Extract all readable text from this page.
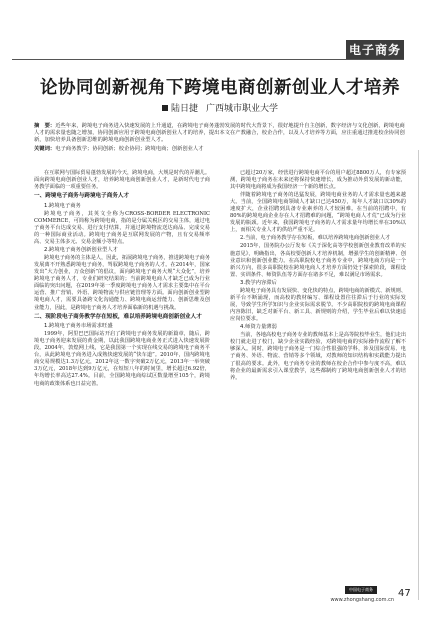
电子商务
论协同创新视角下跨境电商创新创业人才培养
陆日捷 广西城市职业大学
摘　要：近些年来，跨境电子商务进入快速发展的上升通道，在跨境电子商务蓬勃发展的时代大背景下，很好地提升自主创新，数字经济与文化创新，跨境电商人才的需求量也随之增加，协同创新应用于跨境电商创新创业人才的培养，提出本文在产教融合，校企合作，以及人才培养等方面，应注重通过推进校企协同创新，加快培养具备创新思维的跨境电商创新创业型人才。
关键词：电子商务教学；协同创新；校企协同；跨境电商；创新创业人才
在互联网与国际贸易蓬勃发展的今天，跨境电商，大规是时代的弄潮儿。面向跨境电商创新创业人才，培养跨境电商创新创业人才，是新时代电子商务教学面临的一项重要任务。
一、跨境电子商务与跨境电子商务人才
1.跨境电子商务
跨境电子商务，其英文全称为CROSS-BORDER ELECTRONIC COMMERCE，可简称为跨境电商，指的是分属关税区的交易主体，通过电子商务平台达成交易、进行支付结算，并通过跨境物流送达商品、完成交易的一种国际商业活动。跨境电子商务是互联网发展的产物，且有交易频率高、交易主体多元、交易金额小等特点。
2.跨境电子商务创新创业型人才
跨境电子商务的主体是人，因此，拓展跨境电子商务，推进跨境电子商务发展离不开熟悉跨境电子商务，驾驭跨境电子商务的人才。在2014年，国家发出“大力创业，万众创新”的倡议，面向跨境电子商务大规“大众化”，培养跨境电子商务人才，专业们研究结果的；当前跨境电商人才缺乏已成为行业面临的突出问题，在2019年第一季度跨境电子商务人才需求主要集中在平台运营、推广营销、外语、跨境物流与供应链管理等方面。面向创新创业型跨境电商人才，需要具备跨文化沟通能力、跨境电商运营能力、创新思维及创业能力，因此，是跨境电子商务人才培养面临新的机遇与挑战。
二、现阶段电子商务教学存在短板，难以培养跨境电商创新创业人才
1.跨境电子商务市场需求旺盛
1999年，阿里巴巴国际站开启了跨境电子商务发展的新篇章，随后，跨境电子商务迎来发展的黄金期，以此我国跨境电商业务正式进入快速发展阶段。2004年，敦煌网上线，它是我国第一个实现在线交易的跨境电子商务平台，从此跨境电子商务进入成熟快速发展的“快车道”。2010年，国内跨境电商交易规模达1.3万亿元，2012年这一数字突破2万亿元，2013年一举突破3万亿元，2018年达到9万亿元，在短短八年的时间里，增长超过6.92倍，年均增长率高达27.4%。目前，全国跨境电商综试区数量增至105个，跨境电商的政策体系也日益完善。
已超过20万家，经营进行跨境电商平台的用户超过8800万人，有专家预测，跨境电子商务在未来还将保持快速增长，成为推动外贸发展的新动能，其中跨境电商将成为我国经济一个新的增长点。
伴随着跨境电子商务的迅猛发展，跨境电商业务的人才需求量也越来越大。当前，全国跨境电商领域人才缺口已达450万，每年人才缺口以30%的速度扩大，企业招聘到具备专业素养的人才较困难。在当前的招聘中，有80%的跨境电商企业存在人才招聘难的问题，“跨境电商人才荒”已成为行业发展的瓶颈。近年来，我国跨境电子商务的人才需求量年均增长率在30%以上，而相关专业人才的供给严重不足。
2.当前，电子商务教学存在短板，难以培养跨境电商创新创业人才
2015年，国务院办公厅发布《关于深化高等学校创新创业教育改革的实施意见》，明确指出，各高校要创新人才培养机制，增强学生的创新精神、创业意识和创新创业能力。在高职院校电子商务专业中，跨境电商方向是一个新兴方向，很多高职院校在跨境电商人才培养方面仍处于探索阶段，课程设置、实训条件、师资队伍等方面存在诸多不足，难以满足市场需求。
3.教学内容滞后
跨境电子商务具有发展快、变化快的特点，跨境电商的新模式、新规则、新平台不断涌现，而高校的教材编写、课程设置往往滞后于行业的实际发展，导致学生所学知识与企业实际需求脱节。不少高职院校的跨境电商课程内容陈旧，缺乏对新平台、新工具、新规则的介绍，学生毕业后难以快速适应岗位要求。
4.师资力量薄弱
当前，各地高校电子商务专业的教师基本上是高等院校毕业生，他们走出校门就走进了校门，缺少企业实践经验，对跨境电商的实际操作流程了解不够深入。同时，跨境电子商务是一门综合性很强的学科，涉及国际贸易、电子商务、外语、物流、营销等多个领域，对教师的知识结构和实践能力提出了很高的要求。此外，电子商务专业的教师在校企合作中参与度不高，难以将企业的最新需求引入课堂教学，这些都制约了跨境电商创新创业人才的培养。
中国电子商务
www.zhongshang.com.cn
47
